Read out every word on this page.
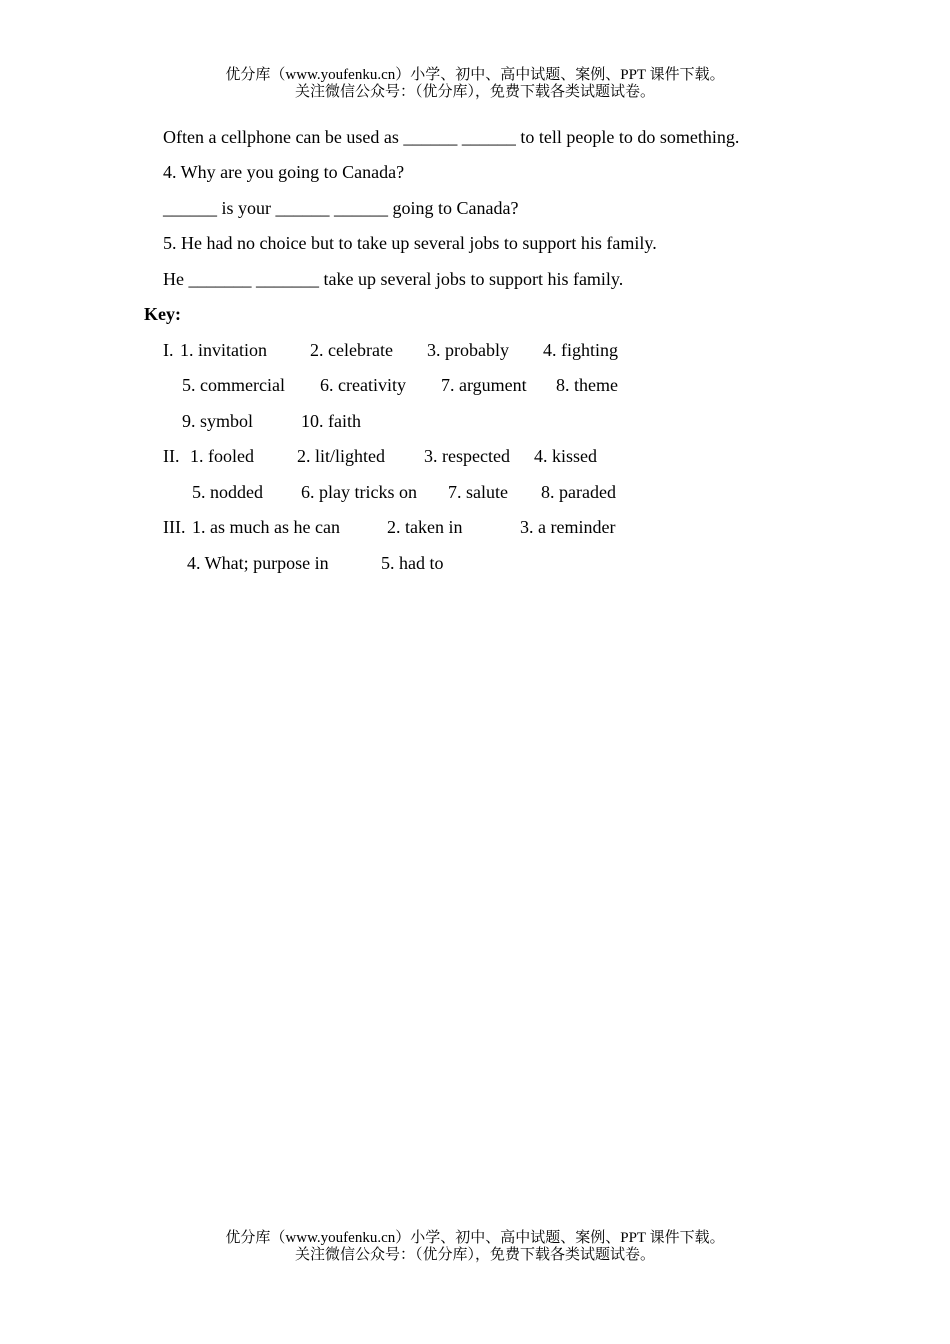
优分库（www.youfenku.cn）小学、初中、高中试题、案例、PPT 课件下载。
关注微信公众号：（优分库），免费下载各类试题试卷。
Often a cellphone can be used as ______ ______ to tell people to do something.
4. Why are you going to Canada?
______ is your ______ ______ going to Canada?
5. He had no choice but to take up several jobs to support his family.
He _______ _______ take up several jobs to support his family.
Key:
I. 1. invitation 2. celebrate 3. probably 4. fighting
5. commercial 6. creativity 7. argument 8. theme
9. symbol	10. faith
II. 1. fooled 2. lit/lighted 3. respected 4. kissed
5. nodded 6. play tricks on 7. salute 8. paraded
III. 1. as much as he can	2. taken in	3. a reminder
4. What; purpose in	5. had to
优分库（www.youfenku.cn）小学、初中、高中试题、案例、PPT 课件下载。
关注微信公众号：（优分库），免费下载各类试题试卷。
